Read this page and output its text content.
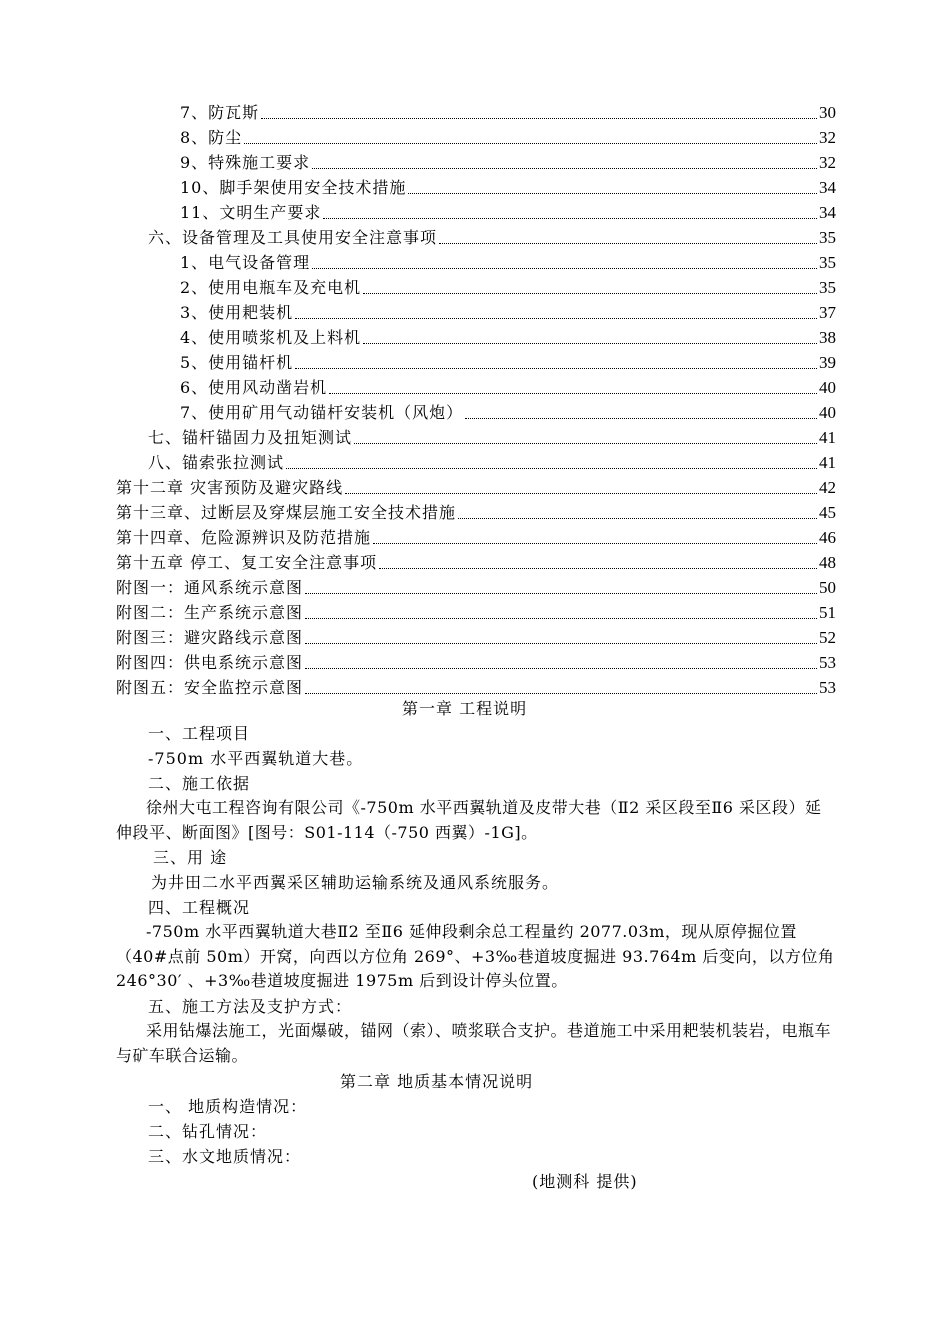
7、防瓦斯	30
8、防尘	32
9、特殊施工要求	32
10、脚手架使用安全技术措施	34
11、文明生产要求	34
六、设备管理及工具使用安全注意事项	35
1、电气设备管理	35
2、使用电瓶车及充电机	35
3、使用耙装机	37
4、使用喷浆机及上料机	38
5、使用锚杆机	39
6、使用风动凿岩机	40
7、使用矿用气动锚杆安装机（风炮）	40
七、锚杆锚固力及扭矩测试	41
八、锚索张拉测试	41
第十二章 灾害预防及避灾路线	42
第十三章、过断层及穿煤层施工安全技术措施	45
第十四章、危险源辨识及防范措施	46
第十五章 停工、复工安全注意事项	48
附图一：通风系统示意图	50
附图二：生产系统示意图	51
附图三：避灾路线示意图	52
附图四：供电系统示意图	53
附图五：安全监控示意图	53
第一章 工程说明
一、工程项目
-750m 水平西翼轨道大巷。
二、施工依据
徐州大屯工程咨询有限公司《-750m 水平西翼轨道及皮带大巷（Ⅱ2 采区段至Ⅱ6 采区段）延伸段平、断面图》[图号：S01-114（-750 西翼）-1G]。
三、用 途
为井田二水平西翼采区辅助运输系统及通风系统服务。
四、工程概况
-750m 水平西翼轨道大巷Ⅱ2 至Ⅱ6 延伸段剩余总工程量约 2077.03m，现从原停掘位置（40#点前 50m）开窝，向西以方位角 269°、+3‰巷道坡度掘进 93.764m 后变向，以方位角 246°30′ 、+3‰巷道坡度掘进 1975m 后到设计停头位置。
五、施工方法及支护方式：
采用钻爆法施工，光面爆破，锚网（索）、喷浆联合支护。巷道施工中采用耙装机装岩，电瓶车与矿车联合运输。
第二章 地质基本情况说明
一、 地质构造情况：
二、钻孔情况：
三、水文地质情况：
(地测科 提供)
